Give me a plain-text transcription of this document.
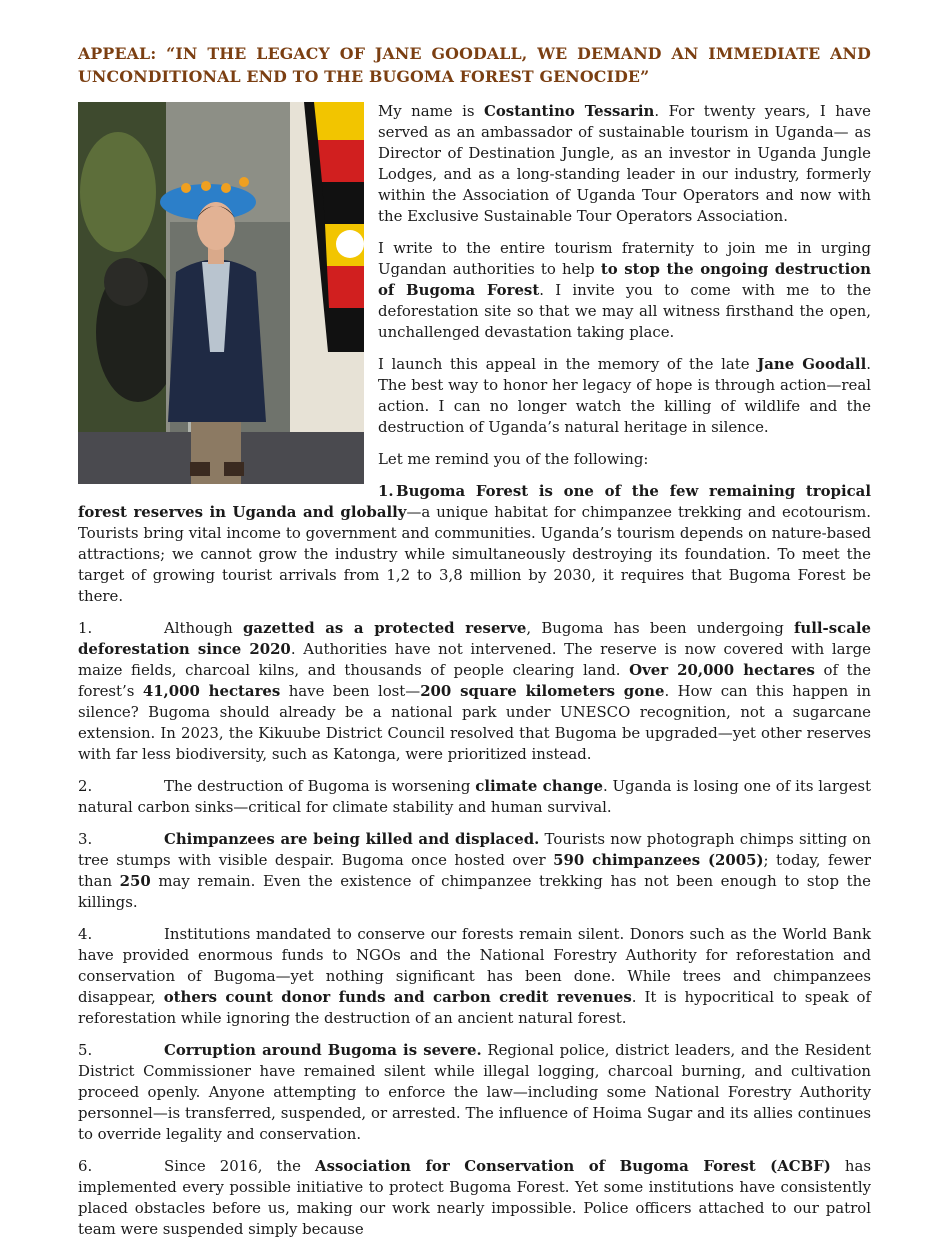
APPEAL: “IN THE LEGACY OF JANE GOODALL, WE DEMAND AN IMMEDIATE AND
UNCONDITIONAL END TO THE BUGOMA FOREST GENOCIDE”

My name is Costantino Tessarin. For twenty years, I have served as an ambassador of sustainable tourism in Uganda— as Director of Destination Jungle, as an investor in Uganda Jungle Lodges, and as a long-standing leader in our industry, formerly within the Association of Uganda Tour Operators and now with the Exclusive Sustainable Tour Operators Association.

I write to the entire tourism fraternity to join me in urging Ugandan authorities to help to stop the ongoing destruction of Bugoma Forest. I invite you to come with me to the deforestation site so that we may all witness firsthand the open, unchallenged devastation taking place.

I launch this appeal in the memory of the late Jane Goodall. The best way to honor her legacy of hope is through action—real action. I can no longer watch the killing of wildlife and the destruction of Uganda’s natural heritage in silence.

Let me remind you of the following:

1. Bugoma Forest is one of the few remaining tropical forest reserves in Uganda and globally—a unique habitat for chimpanzee trekking and ecotourism. Tourists bring vital income to government and communities. Uganda’s tourism depends on nature-based attractions; we cannot grow the industry while simultaneously destroying its foundation. To meet the target of growing tourist arrivals from 1,2 to 3,8 million by 2030, it requires that Bugoma Forest be there.

1.	Although gazetted as a protected reserve, Bugoma has been undergoing full-scale deforestation since 2020. Authorities have not intervened. The reserve is now covered with large maize fields, charcoal kilns, and thousands of people clearing land. Over 20,000 hectares of the forest’s 41,000 hectares have been lost—200 square kilometers gone. How can this happen in silence? Bugoma should already be a national park under UNESCO recognition, not a sugarcane extension. In 2023, the Kikuube District Council resolved that Bugoma be upgraded—yet other reserves with far less biodiversity, such as Katonga, were prioritized instead.

2.	The destruction of Bugoma is worsening climate change. Uganda is losing one of its largest natural carbon sinks—critical for climate stability and human survival.

3.	Chimpanzees are being killed and displaced. Tourists now photograph chimps sitting on tree stumps with visible despair. Bugoma once hosted over 590 chimpanzees (2005); today, fewer than 250 may remain. Even the existence of chimpanzee trekking has not been enough to stop the killings.

4.	Institutions mandated to conserve our forests remain silent. Donors such as the World Bank have provided enormous funds to NGOs and the National Forestry Authority for reforestation and conservation of Bugoma—yet nothing significant has been done. While trees and chimpanzees disappear, others count donor funds and carbon credit revenues. It is hypocritical to speak of reforestation while ignoring the destruction of an ancient natural forest.

5.	Corruption around Bugoma is severe. Regional police, district leaders, and the Resident District Commissioner have remained silent while illegal logging, charcoal burning, and cultivation proceed openly. Anyone attempting to enforce the law—including some National Forestry Authority personnel—is transferred, suspended, or arrested. The influence of Hoima Sugar and its allies continues to override legality and conservation.

6.	Since 2016, the Association for Conservation of Bugoma Forest (ACBF) has implemented every possible initiative to protect Bugoma Forest. Yet some institutions have consistently placed obstacles before us, making our work nearly impossible. Police officers attached to our patrol team were suspended simply because
